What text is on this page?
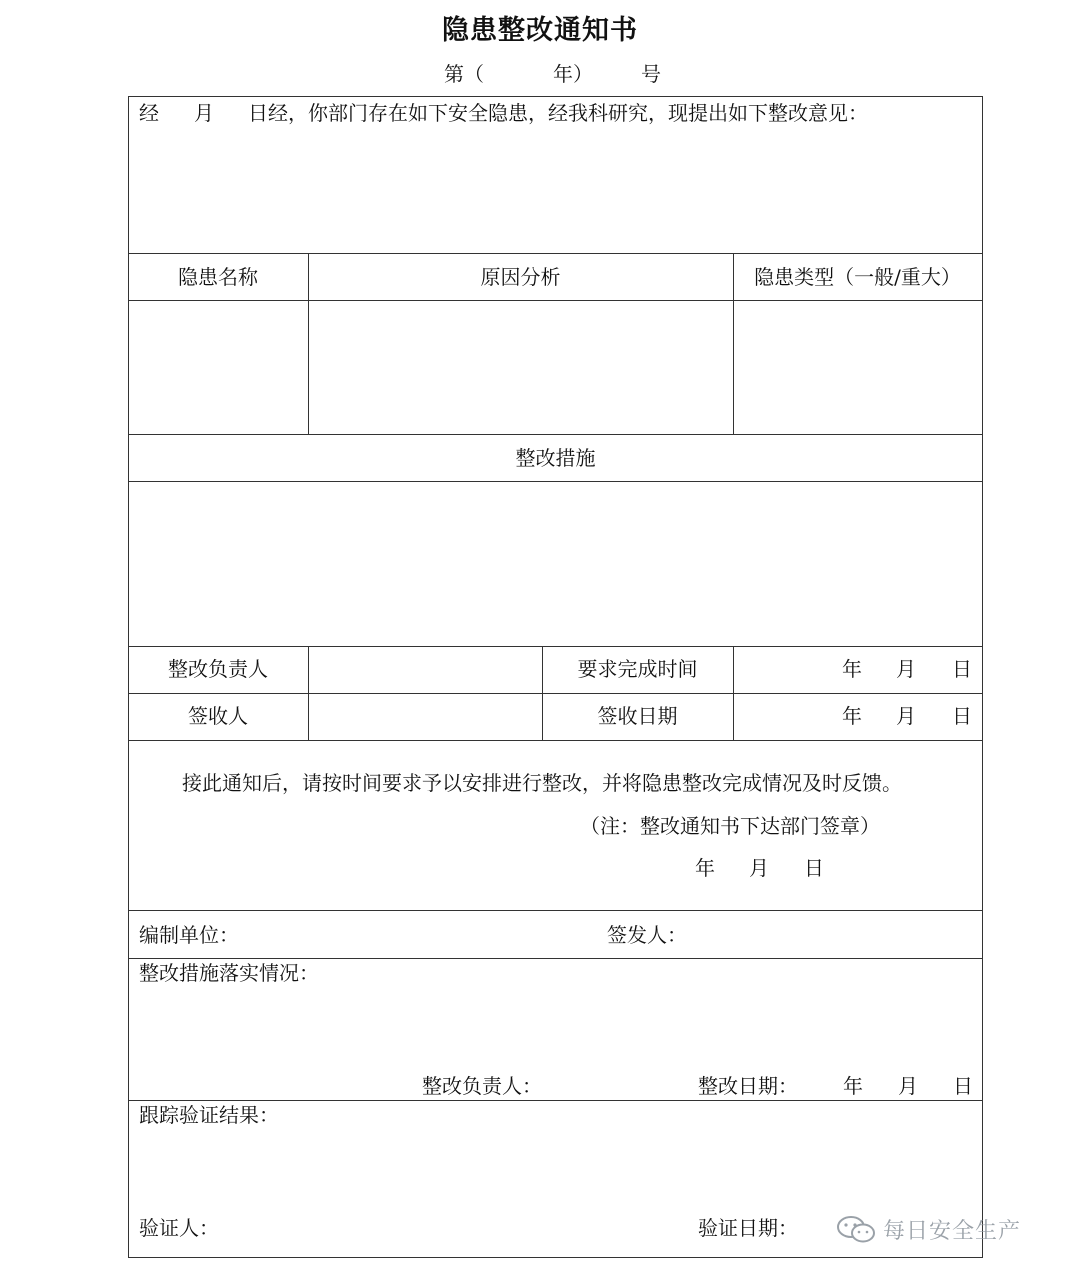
隐患整改通知书
第（	年） 号
经 月 日经，你部门存在如下安全隐患，经我科研究，现提出如下整改意见：
隐患名称	原因分析	隐患类型（一般/重大）
整改措施
整改负责人	要求完成时间	年 月 日
签收人	签收日期	年 月 日
接此通知后，请按时间要求予以安排进行整改，并将隐患整改完成情况及时反馈。
（注：整改通知书下达部门签章）
年 月 日
编制单位：	签发人：
整改措施落实情况：
整改负责人：	整改日期： 年 月 日
跟踪验证结果：
验证人：	验证日期：	每日安全生产
